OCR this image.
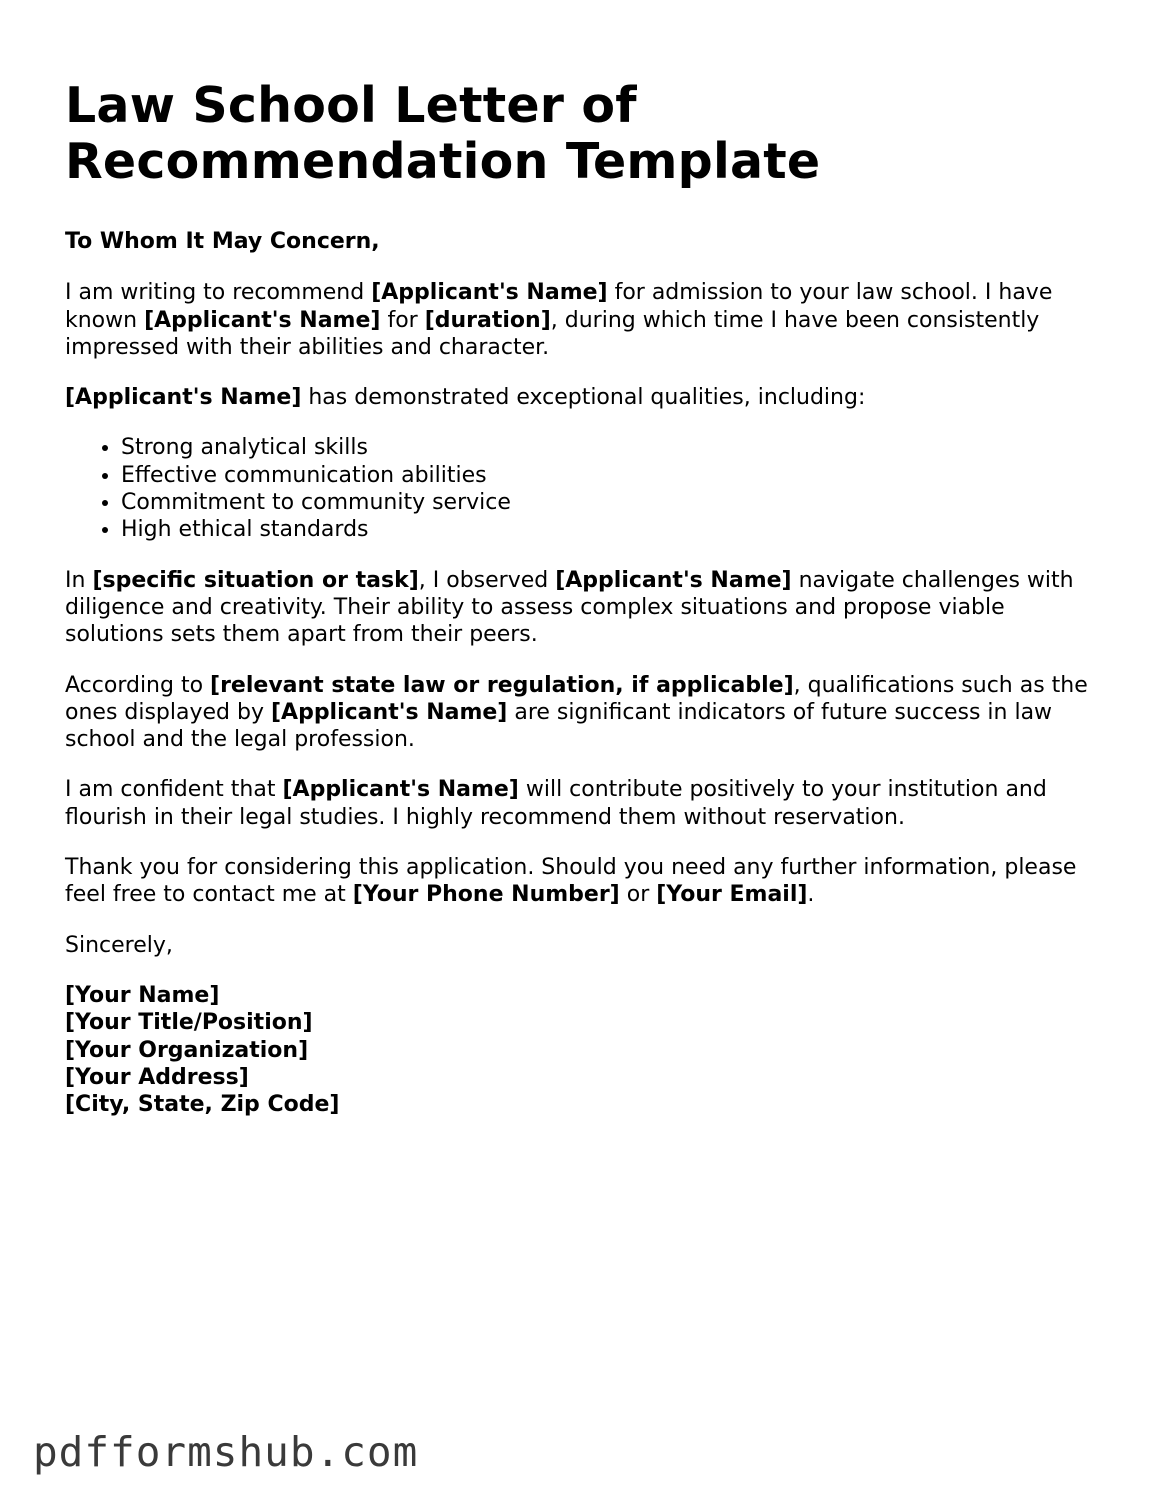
Law School Letter of Recommendation Template

To Whom It May Concern,

I am writing to recommend [Applicant's Name] for admission to your law school. I have known [Applicant's Name] for [duration], during which time I have been consistently impressed with their abilities and character.

[Applicant's Name] has demonstrated exceptional qualities, including:

• Strong analytical skills
• Effective communication abilities
• Commitment to community service
• High ethical standards

In [specific situation or task], I observed [Applicant's Name] navigate challenges with diligence and creativity. Their ability to assess complex situations and propose viable solutions sets them apart from their peers.

According to [relevant state law or regulation, if applicable], qualifications such as the ones displayed by [Applicant's Name] are significant indicators of future success in law school and the legal profession.

I am confident that [Applicant's Name] will contribute positively to your institution and flourish in their legal studies. I highly recommend them without reservation.

Thank you for considering this application. Should you need any further information, please feel free to contact me at [Your Phone Number] or [Your Email].

Sincerely,

[Your Name]

[Your Title/Position]

[Your Organization]

[Your Address]

[City, State, Zip Code]

pdfformshub.com
